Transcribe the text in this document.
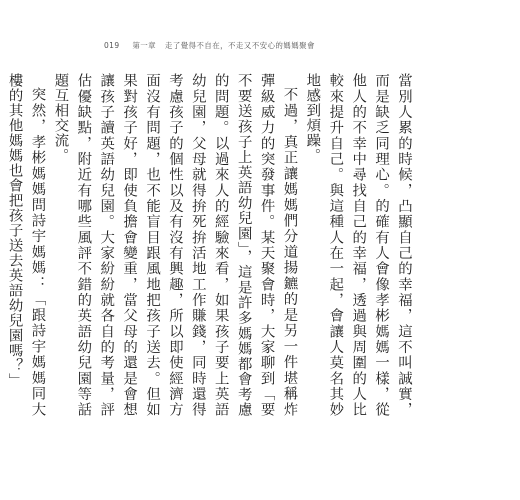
019 第一章 走了覺得不自在，不走又不安心的媽媽聚會

當別人累的時候，凸顯自己的幸福，這不叫誠實，而是缺乏同理心。的確有人會像孝彬媽媽一樣，從他人的不幸中尋找自己的幸福，透過與周圍的人比較來提升自己。與這種人在一起，會讓人莫名其妙地感到煩躁。

不過，真正讓媽媽們分道揚鑣的是另一件堪稱炸彈級威力的突發事件。某天聚會時，大家聊到「要不要送孩子上英語幼兒園」，這是許多媽媽都會考慮的問題。以過來人的經驗來看，如果孩子要上英語幼兒園，父母就得拚死拚活地工作賺錢，同時還得考慮孩子的個性以及有沒有興趣，所以即使經濟方面沒有問題，也不能盲目跟風地把孩子送去。但如果對孩子好，即使負擔會變重，當父母的還是會想讓孩子讀英語幼兒園。大家紛紛就各自的考量，評估優缺點，附近有哪些風評不錯的英語幼兒園等話題互相交流。

突然，孝彬媽媽問詩宇媽媽：「跟詩宇媽媽同大樓的其他媽媽也會把孩子送去英語幼兒園嗎？」
